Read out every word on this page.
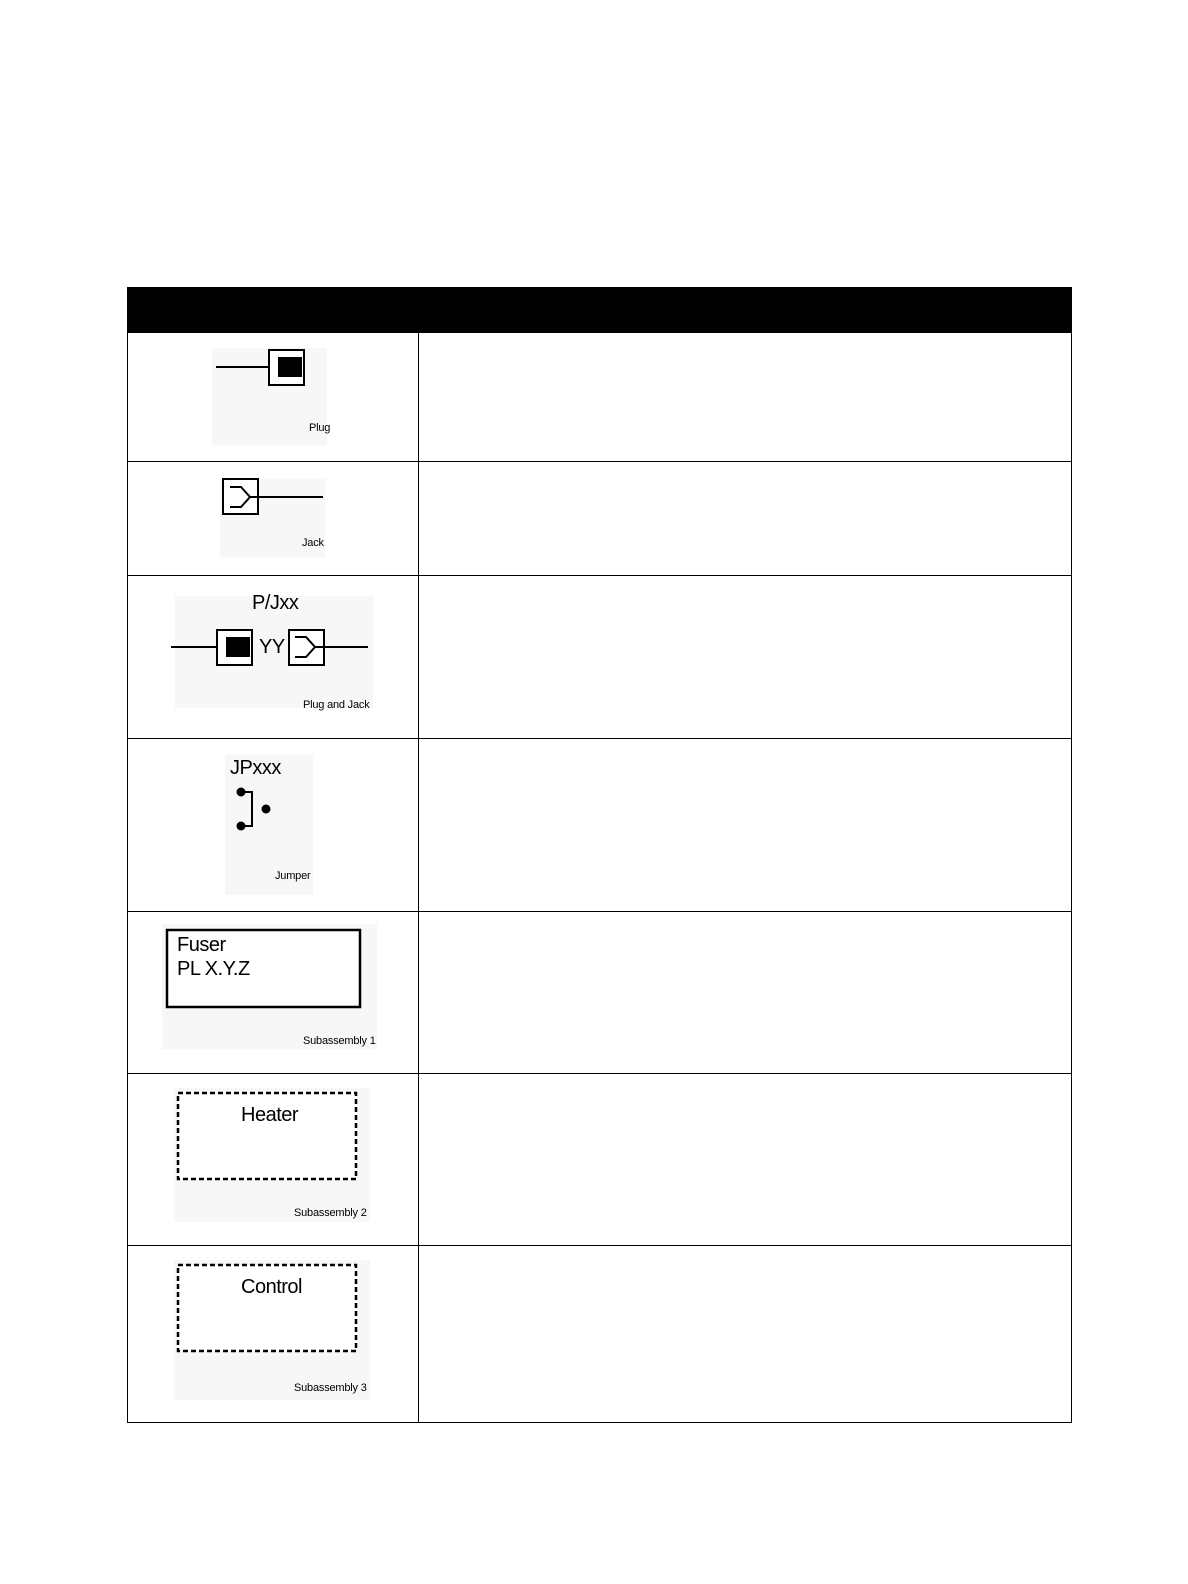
Plug
Jack
P/Jxx
YY
Plug and Jack
JPxxx
Jumper
Fuser
PL X.Y.Z
Subassembly 1
Heater
Subassembly 2
Control
Subassembly 3
